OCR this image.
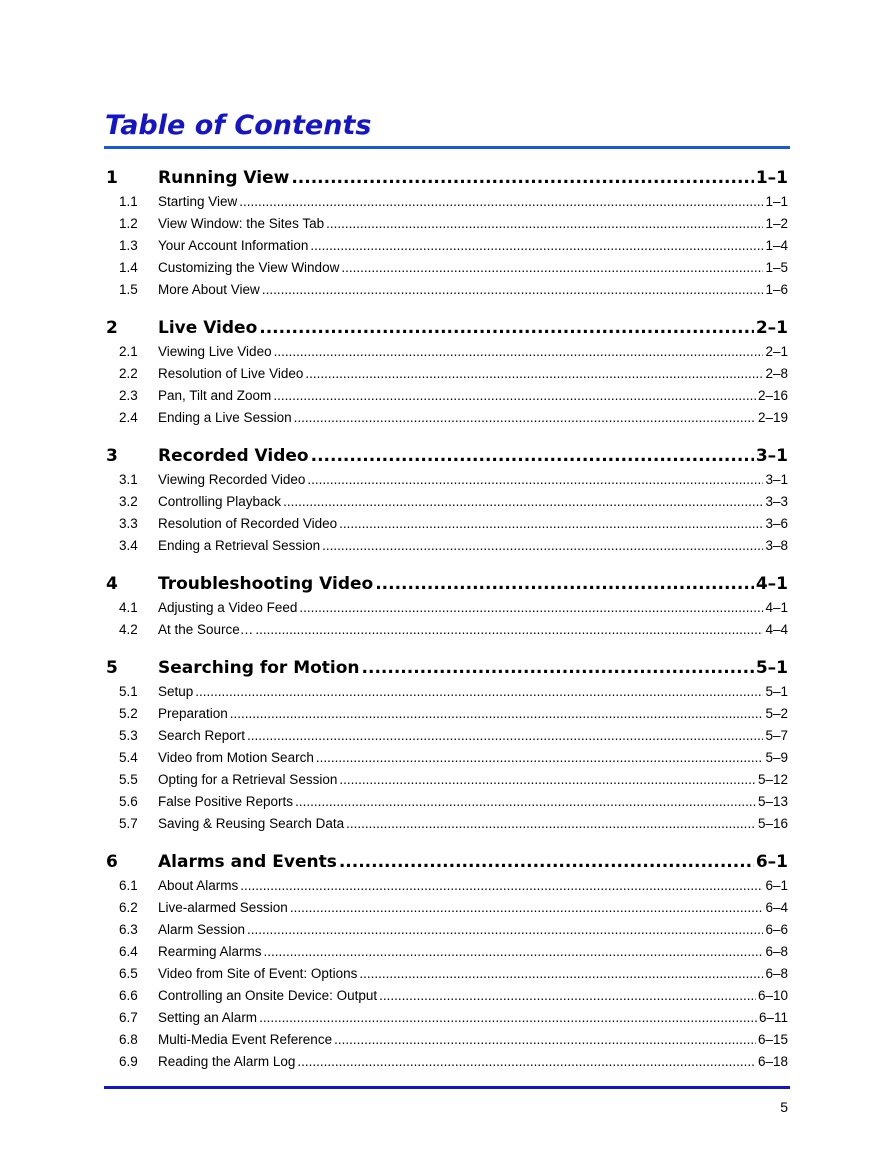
Table of Contents
1	Running View .....	1–1
1.1	Starting View .....	1–1
1.2	View Window: the Sites Tab .....	1–2
1.3	Your Account Information .....	1–4
1.4	Customizing the View Window .....	1–5
1.5	More About View .....	1–6
2	Live Video .....	2–1
2.1	Viewing Live Video .....	2–1
2.2	Resolution of Live Video .....	2–8
2.3	Pan, Tilt and Zoom .....	2–16
2.4	Ending a Live Session .....	2–19
3	Recorded Video .....	3–1
3.1	Viewing Recorded Video .....	3–1
3.2	Controlling Playback .....	3–3
3.3	Resolution of Recorded Video .....	3–6
3.4	Ending a Retrieval Session .....	3–8
4	Troubleshooting Video .....	4–1
4.1	Adjusting a Video Feed .....	4–1
4.2	At the Source… .....	4–4
5	Searching for Motion .....	5–1
5.1	Setup .....	5–1
5.2	Preparation .....	5–2
5.3	Search Report .....	5–7
5.4	Video from Motion Search .....	5–9
5.5	Opting for a Retrieval Session .....	5–12
5.6	False Positive Reports .....	5–13
5.7	Saving & Reusing Search Data .....	5–16
6	Alarms and Events .....	6–1
6.1	About Alarms .....	6–1
6.2	Live-alarmed Session .....	6–4
6.3	Alarm Session .....	6–6
6.4	Rearming Alarms .....	6–8
6.5	Video from Site of Event: Options .....	6–8
6.6	Controlling an Onsite Device: Output .....	6–10
6.7	Setting an Alarm .....	6–11
6.8	Multi-Media Event Reference .....	6–15
6.9	Reading the Alarm Log .....	6–18
5
